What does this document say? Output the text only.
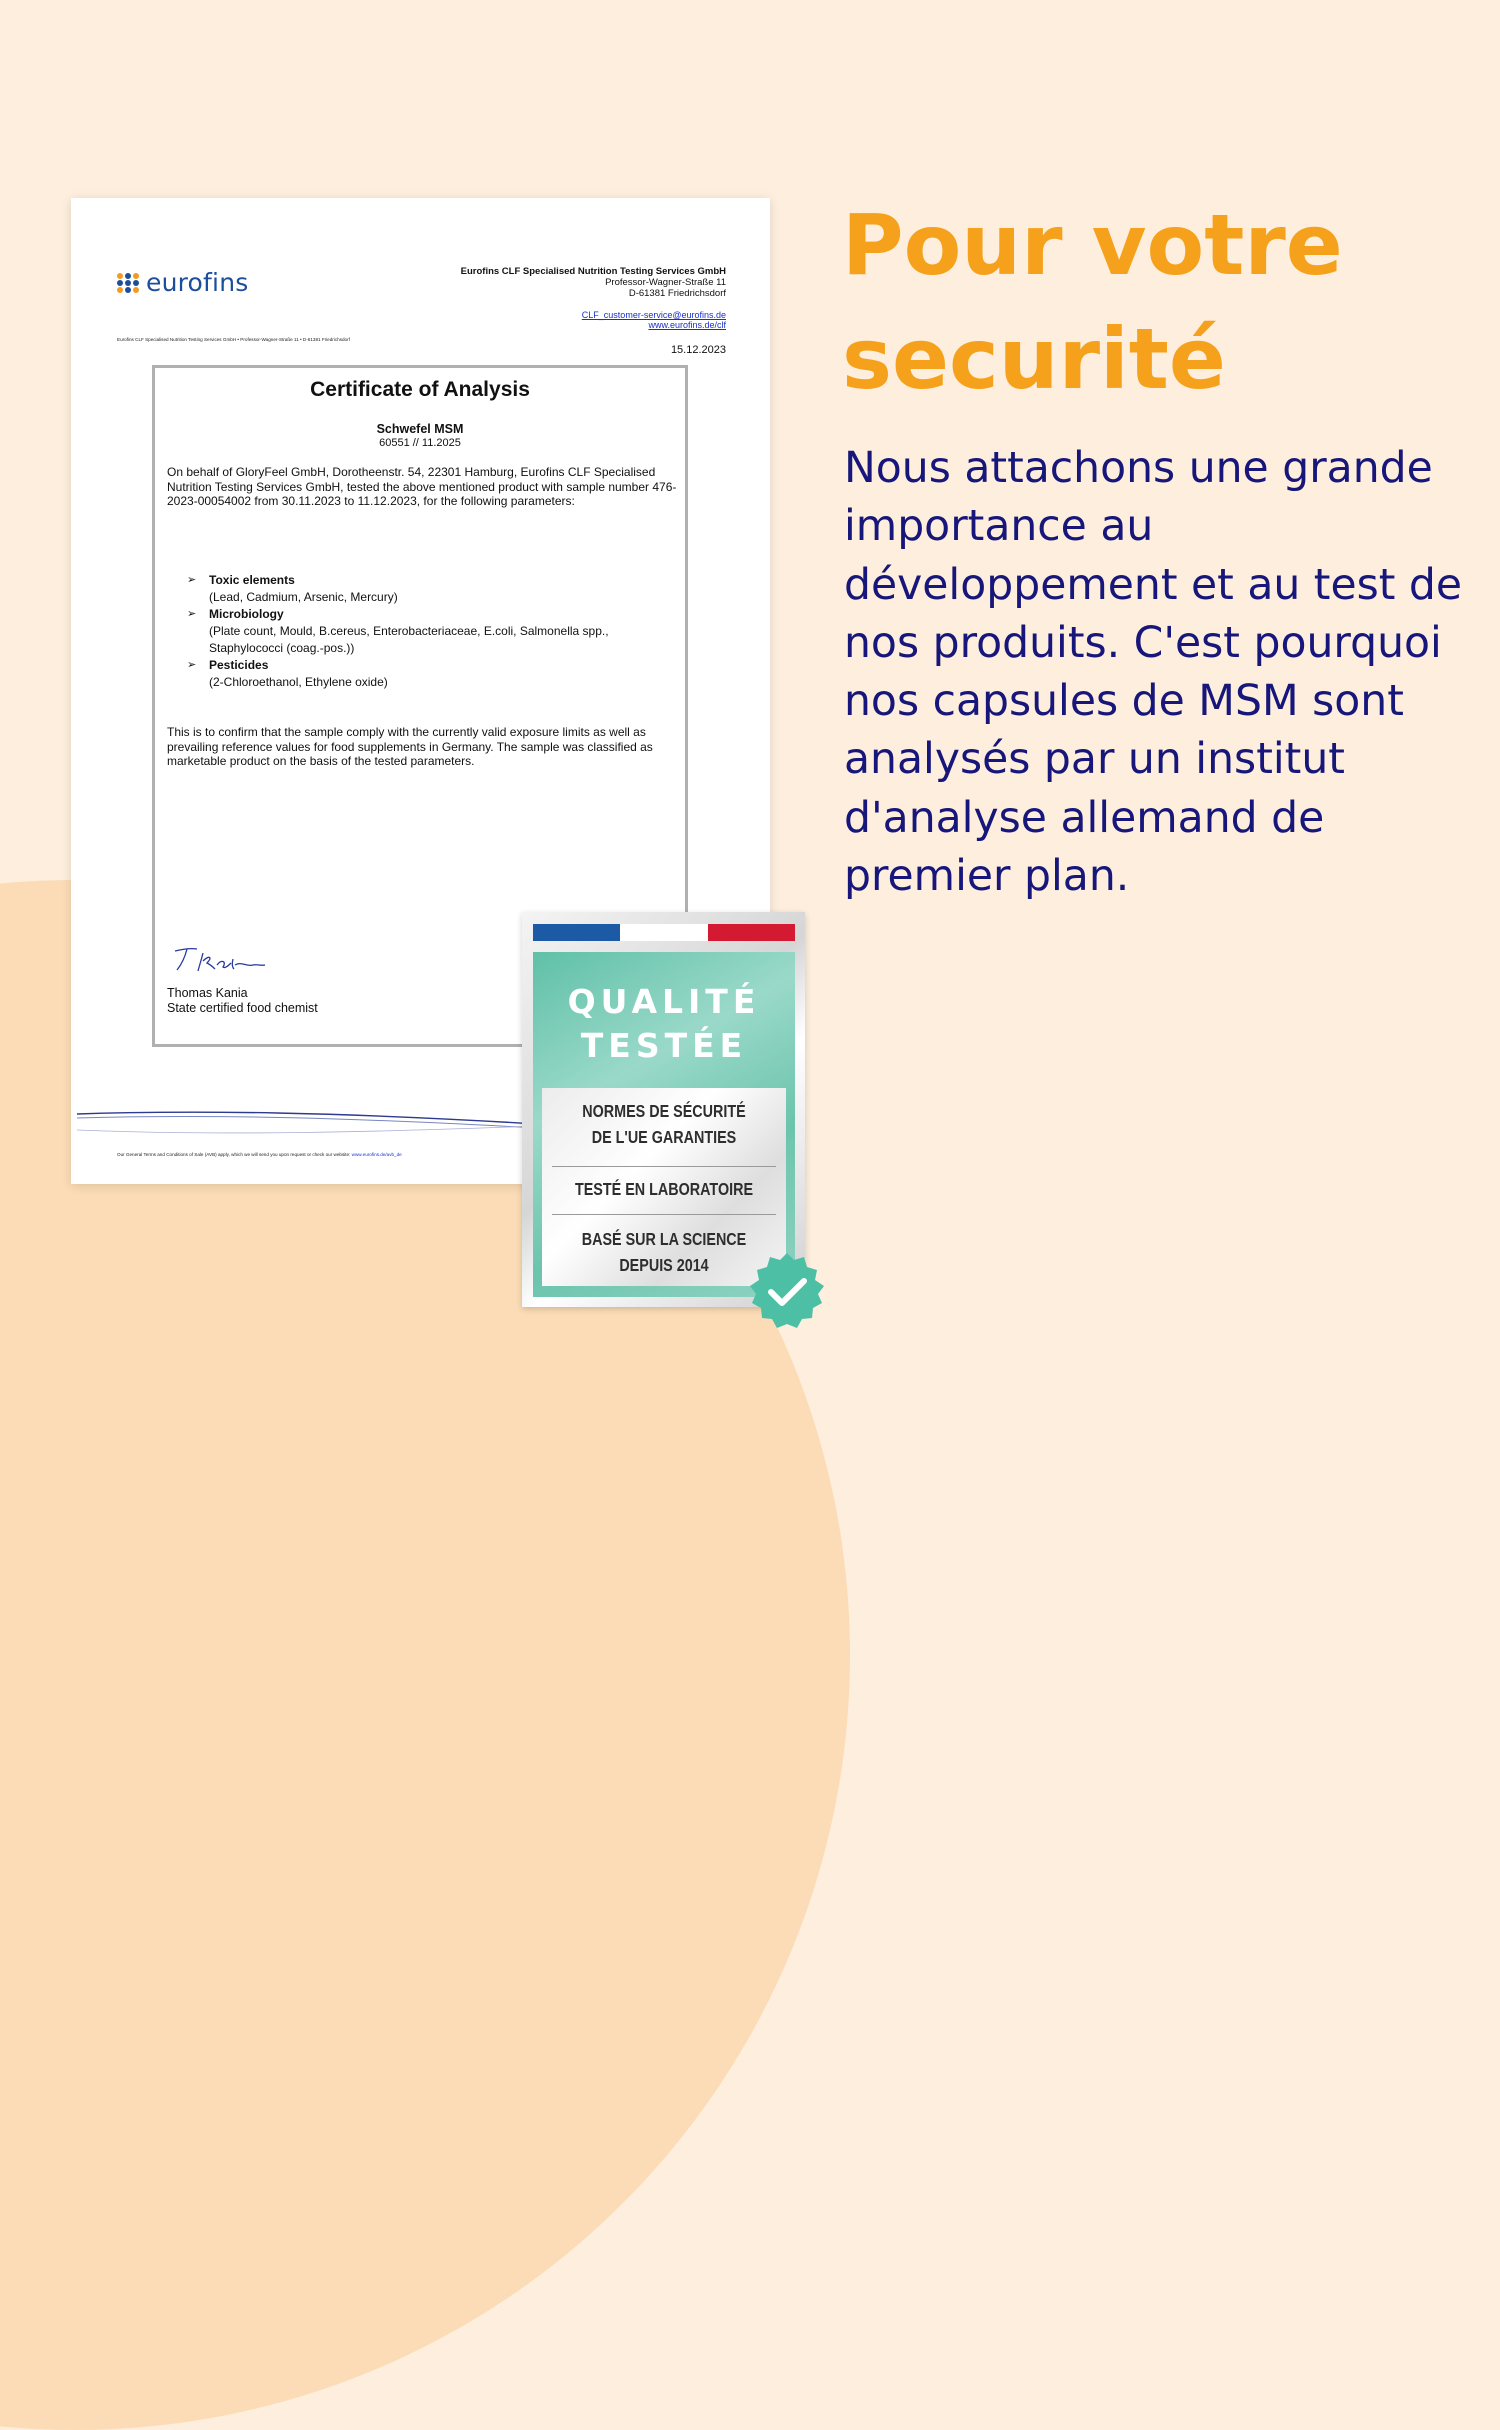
eurofins	Eurofins CLF Specialised Nutrition Testing Services GmbH
Professor-Wagner-Straße 11
D-61381 Friedrichsdorf
CLF_customer-service@eurofins.de
www.eurofins.de/clf
Eurofins CLF Specialised Nutrition Testing Services GmbH • Professor-Wagner-Straße 11 • D-61381 Friedrichsdorf
15.12.2023
Certificate of Analysis
Schwefel MSM
60551 // 11.2025

On behalf of GloryFeel GmbH, Dorotheenstr. 54, 22301 Hamburg, Eurofins CLF Specialised Nutrition Testing Services GmbH, tested the above mentioned product with sample number 476-2023-00054002 from 30.11.2023 to 11.12.2023, for the following parameters:

➢ Toxic elements
(Lead, Cadmium, Arsenic, Mercury)
➢ Microbiology
(Plate count, Mould, B.cereus, Enterobacteriaceae, E.coli, Salmonella spp., Staphylococci (coag.-pos.))
➢ Pesticides
(2-Chloroethanol, Ethylene oxide)

This is to confirm that the sample comply with the currently valid exposure limits as well as prevailing reference values for food supplements in Germany. The sample was classified as marketable product on the basis of the tested parameters.

Thomas Kania
State certified food chemist
Our General Terms and Conditions of Sale (AVB) apply, which we will send you upon request or check our website: www.eurofins.de/avb_de
QUALITÉ
TESTÉE
NORMES DE SÉCURITÉ
DE L'UE GARANTIES
TESTÉ EN LABORATOIRE
BASÉ SUR LA SCIENCE
DEPUIS 2014
Pour votre securité

Nous attachons une grande importance au développement et au test de nos produits. C'est pourquoi nos capsules de MSM sont analysés par un institut d'analyse allemand de premier plan.
